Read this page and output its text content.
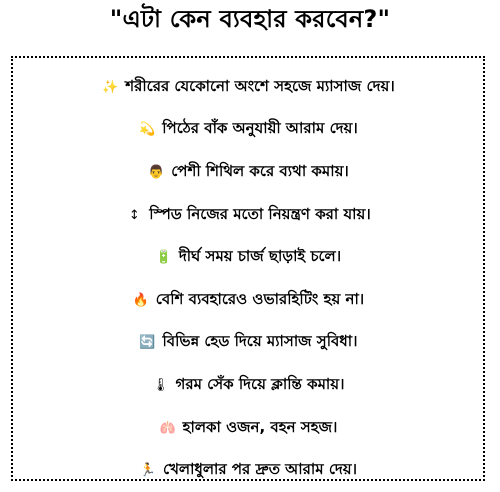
"এটা কেন ব্যবহার করবেন?"
✨ শরীরের যেকোনো অংশে সহজে ম্যাসাজ দেয়।
💫 পিঠের বাঁক অনুযায়ী আরাম দেয়।
👨 পেশী শিথিল করে ব্যথা কমায়।
↕ স্পিড নিজের মতো নিয়ন্ত্রণ করা যায়।
🔋 দীর্ঘ সময় চার্জ ছাড়াই চলে।
🔥 বেশি ব্যবহারেও ওভারহিটিং হয় না।
🔄 বিভিন্ন হেড দিয়ে ম্যাসাজ সুবিধা।
🌡 গরম সেঁক দিয়ে ক্লান্তি কমায়।
🫁 হালকা ওজন, বহন সহজ।
🏃 খেলাধুলার পর দ্রুত আরাম দেয়।
